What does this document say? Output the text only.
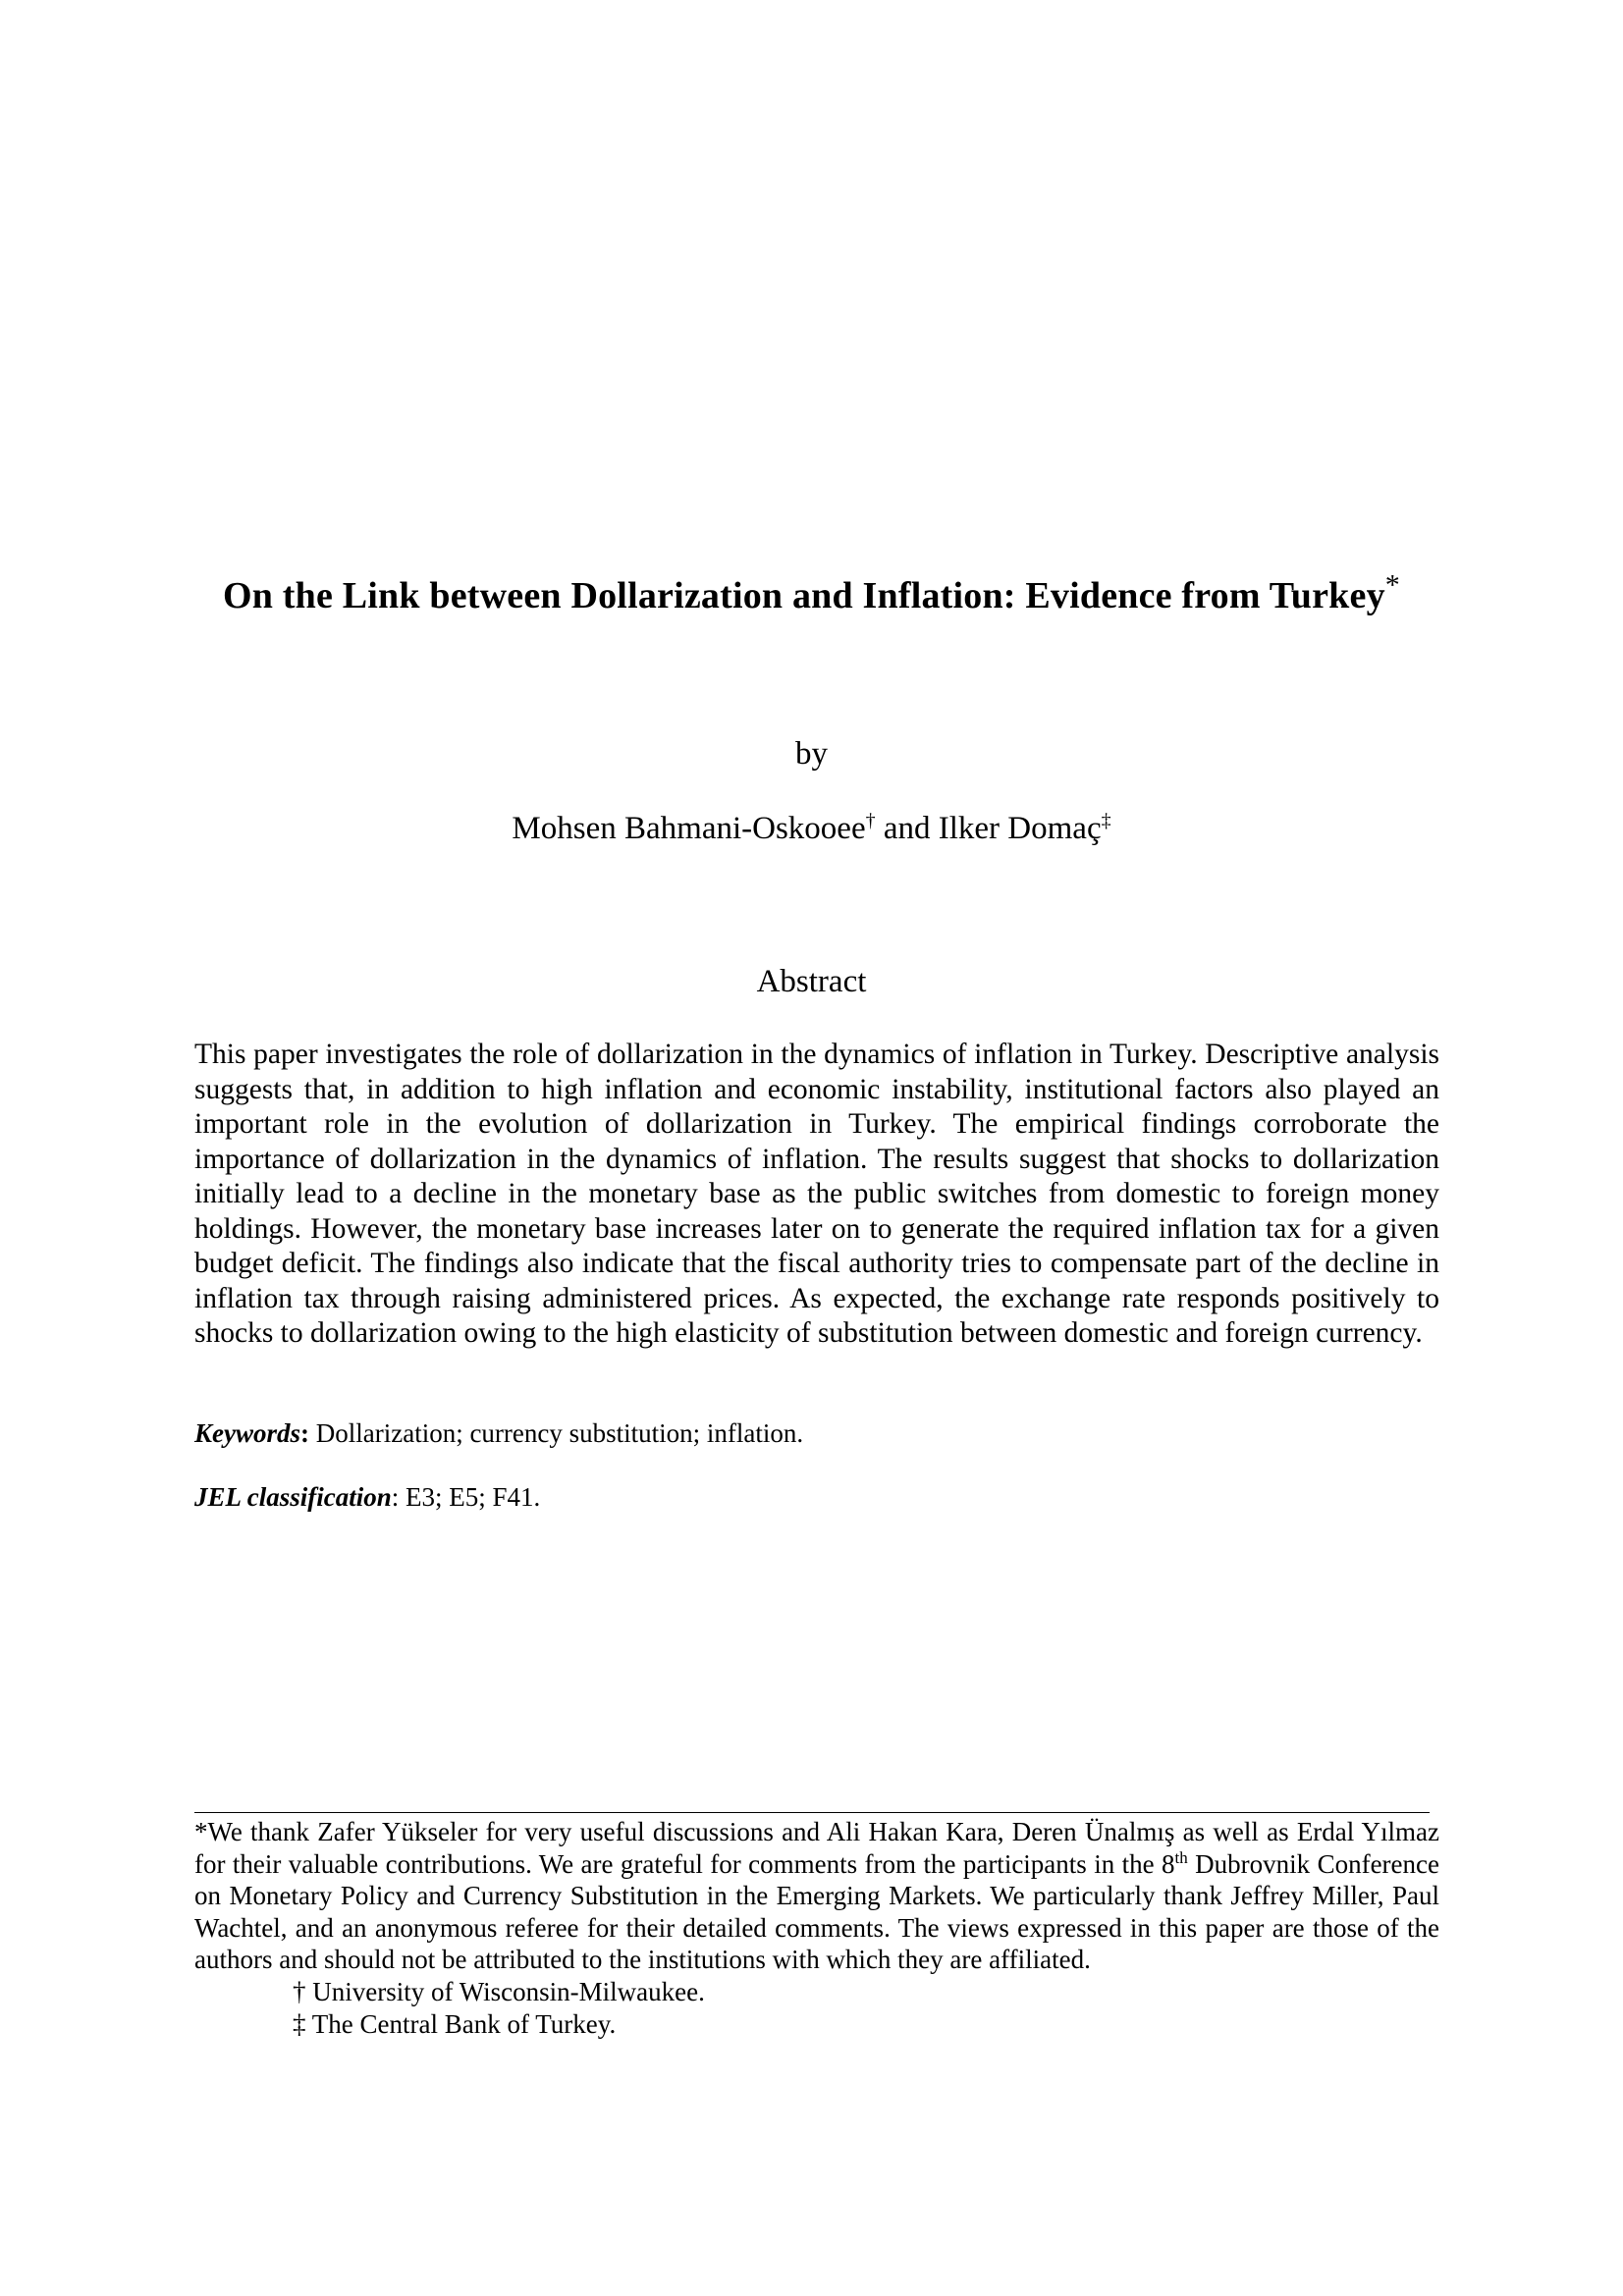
On the Link between Dollarization and Inflation: Evidence from Turkey*
by
Mohsen Bahmani-Oskooee† and Ilker Domaç‡
Abstract

This paper investigates the role of dollarization in the dynamics of inflation in Turkey. Descriptive analysis suggests that, in addition to high inflation and economic instability, institutional factors also played an important role in the evolution of dollarization in Turkey. The empirical findings corroborate the importance of dollarization in the dynamics of inflation. The results suggest that shocks to dollarization initially lead to a decline in the monetary base as the public switches from domestic to foreign money holdings. However, the monetary base increases later on to generate the required inflation tax for a given budget deficit. The findings also indicate that the fiscal authority tries to compensate part of the decline in inflation tax through raising administered prices. As expected, the exchange rate responds positively to shocks to dollarization owing to the high elasticity of substitution between domestic and foreign currency.

Keywords: Dollarization; currency substitution; inflation.

JEL classification: E3; E5; F41.

*We thank Zafer Yükseler for very useful discussions and Ali Hakan Kara, Deren Ünalmış as well as Erdal Yılmaz for their valuable contributions. We are grateful for comments from the participants in the 8th Dubrovnik Conference on Monetary Policy and Currency Substitution in the Emerging Markets. We particularly thank Jeffrey Miller, Paul Wachtel, and an anonymous referee for their detailed comments. The views expressed in this paper are those of the authors and should not be attributed to the institutions with which they are affiliated.

† University of Wisconsin-Milwaukee.

‡ The Central Bank of Turkey.
